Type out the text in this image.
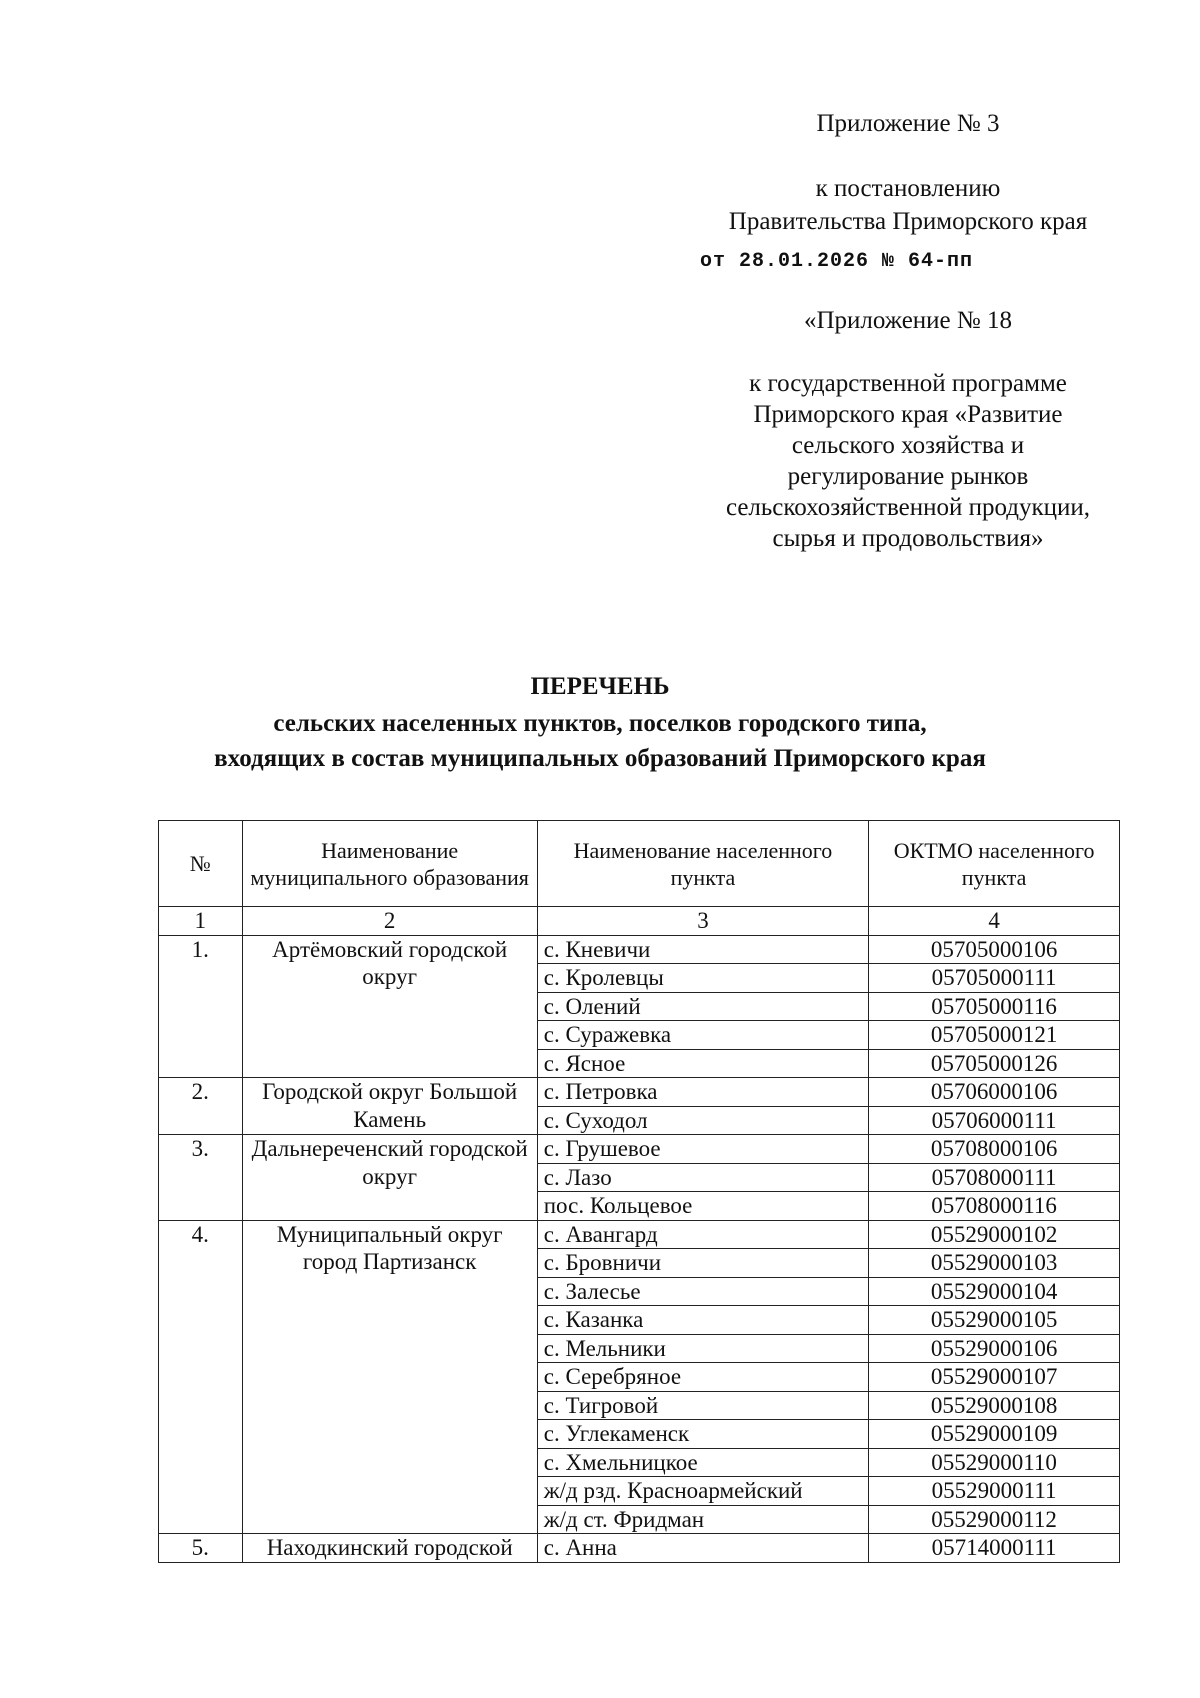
Приложение № 3
к постановлению
Правительства Приморского края
от 28.01.2026 № 64-пп
«Приложение № 18
к государственной программе
Приморского края «Развитие
сельского хозяйства и
регулирование рынков
сельскохозяйственной продукции,
сырья и продовольствия»
ПЕРЕЧЕНЬ
сельских населенных пунктов, поселков городского типа,
входящих в состав муниципальных образований Приморского края
№	Наименование муниципального образования	Наименование населенного пункта	ОКТМО населенного пункта
1	2	3	4
1.	Артёмовский городской округ	с. Кневичи	05705000106
		с. Кролевцы	05705000111
		с. Олений	05705000116
		с. Суражевка	05705000121
		с. Ясное	05705000126
2.	Городской округ Большой Камень	с. Петровка	05706000106
		с. Суходол	05706000111
3.	Дальнереченский городской округ	с. Грушевое	05708000106
		с. Лазо	05708000111
		пос. Кольцевое	05708000116
4.	Муниципальный округ город Партизанск	с. Авангард	05529000102
		с. Бровничи	05529000103
		с. Залесье	05529000104
		с. Казанка	05529000105
		с. Мельники	05529000106
		с. Серебряное	05529000107
		с. Тигровой	05529000108
		с. Углекаменск	05529000109
		с. Хмельницкое	05529000110
		ж/д рзд. Красноармейский	05529000111
		ж/д ст. Фридман	05529000112
5.	Находкинский городской	с. Анна	05714000111
